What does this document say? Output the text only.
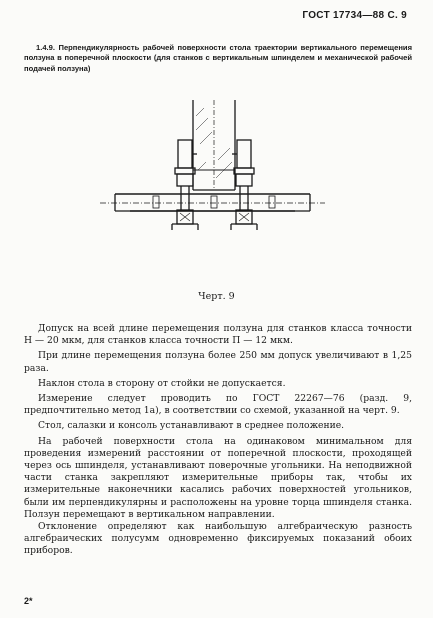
ГОСТ 17734—88 С. 9
1.4.9. Перпендикулярность рабочей поверхности стола траектории вертикального перемещения ползуна в поперечной плоскости (для станков с вертикальным шпинделем и механической рабочей подачей ползуна)
Черт. 9

Допуск на всей длине перемещения ползуна для станков класса точности Н — 20 мкм, для станков класса точности П — 12 мкм.

При длине перемещения ползуна более 250 мм допуск увеличивают в 1,25 раза.

Наклон стола в сторону от стойки не допускается.

Измерение следует проводить по ГОСТ 22267—76 (разд. 9, предпочтительно метод 1а), в соответствии со схемой, указанной на черт. 9.

Стол, салазки и консоль устанавливают в среднее положение.

На рабочей поверхности стола на одинаковом минимальном для проведения измерений расстоянии от поперечной плоскости, проходящей через ось шпинделя, устанавливают поверочные угольники. На неподвижной части станка закрепляют измерительные приборы так, чтобы их измерительные наконечники касались рабочих поверхностей угольников, были им перпендикулярны и расположены на уровне торца шпинделя станка. Ползун перемещают в вертикальном направлении.

Отклонение определяют как наибольшую алгебраическую разность алгебраических полусумм одновременно фиксируемых показаний обоих приборов.

2*
